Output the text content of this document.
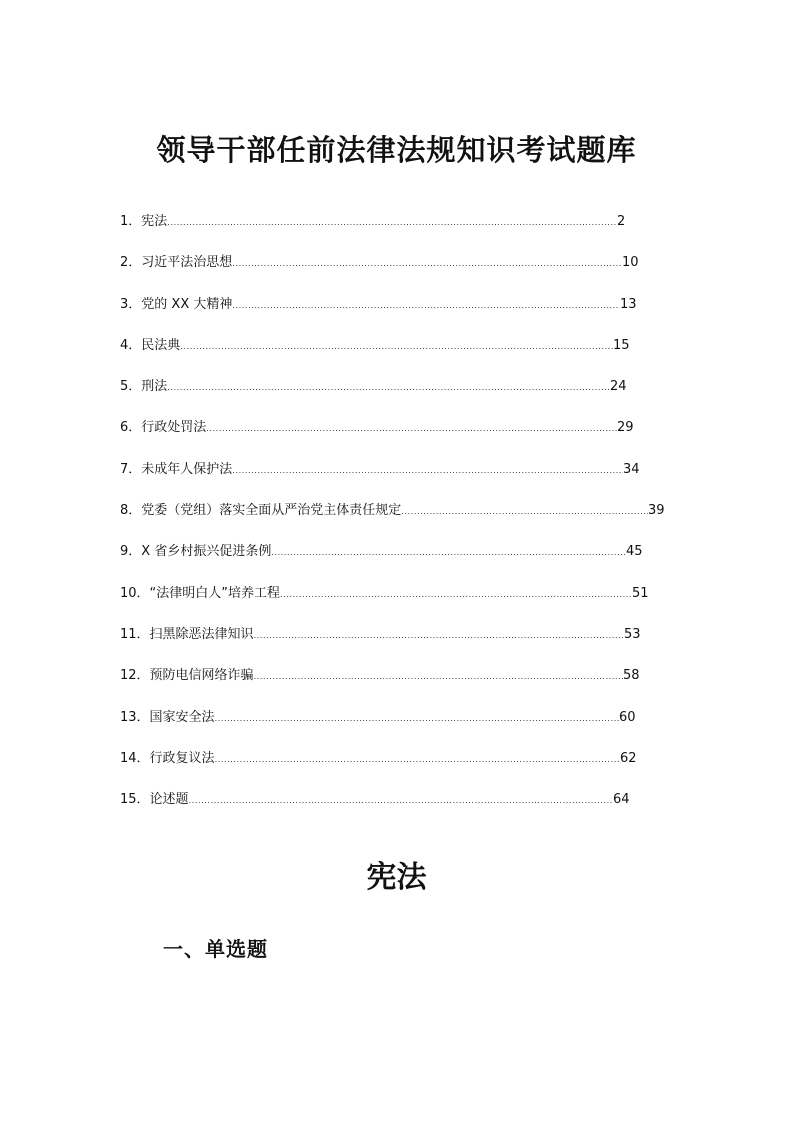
领导干部任前法律法规知识考试题库
1． 宪法 .....	2
2． 习近平法治思想 .....	10
3． 党的 XX 大精神 .....	13
4． 民法典 .....	15
5． 刑法 .....	24
6． 行政处罚法 .....	29
7． 未成年人保护法 .....	34
8． 党委（党组）落实全面从严治党主体责任规定 .....	39
9． X 省乡村振兴促进条例 .....	45
10． “法律明白人”培养工程 .....	51
11． 扫黑除恶法律知识 .....	53
12． 预防电信网络诈骗 .....	58
13． 国家安全法 .....	60
14． 行政复议法 .....	62
15． 论述题 .....	64
宪法
一、单选题
